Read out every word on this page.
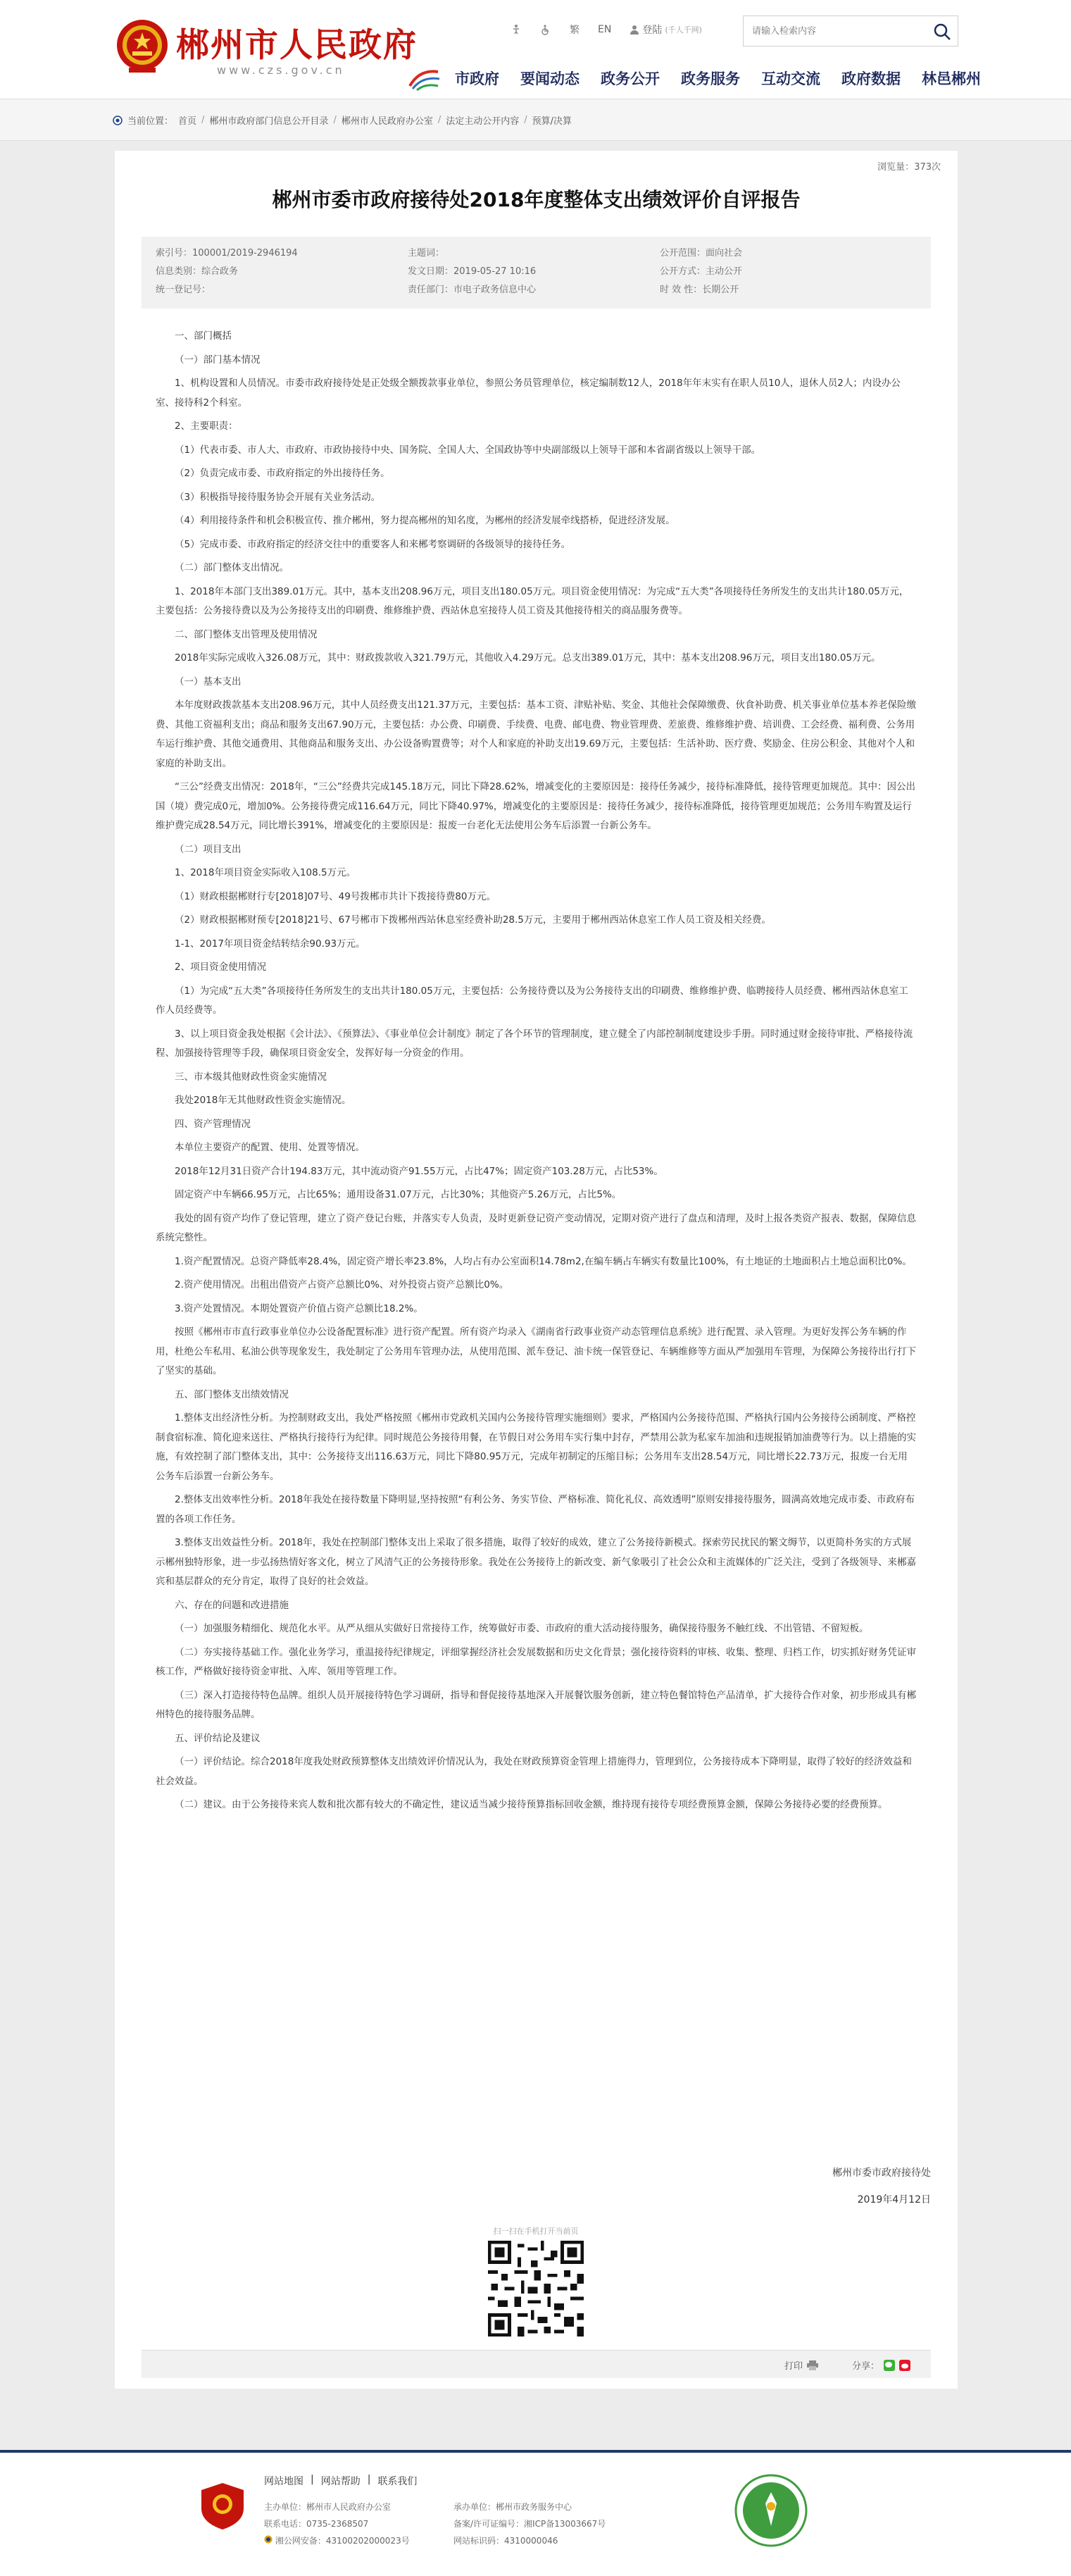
郴州市人民政府
www.czs.gov.cn
繁 EN	登陆 (千人千网)
请输入检索内容
市政府 要闻动态 政务公开 政务服务 互动交流 政府数据 林邑郴州
当前位置： 首页 / 郴州市政府部门信息公开目录 / 郴州市人民政府办公室 / 法定主动公开内容 / 预算/决算
浏览量：373次
郴州市委市政府接待处2018年度整体支出绩效评价自评报告
索引号：100001/2019-2946194
信息类别：综合政务
统一登记号：
主题词：
发文日期：2019-05-27 10:16
责任部门：市电子政务信息中心
公开范围：面向社会
公开方式：主动公开
时 效 性：长期公开

一、部门概括

（一）部门基本情况

1、机构设置和人员情况。市委市政府接待处是正处级全额拨款事业单位，参照公务员管理单位，核定编制数12人，2018年年末实有在职人员10人，退休人员2人；内设办公室、接待科2个科室。

2、主要职责：

（1）代表市委、市人大、市政府、市政协接待中央、国务院、全国人大、全国政协等中央副部级以上领导干部和本省副省级以上领导干部。

（2）负责完成市委、市政府指定的外出接待任务。

（3）积极指导接待服务协会开展有关业务活动。

（4）利用接待条件和机会积极宣传、推介郴州，努力提高郴州的知名度，为郴州的经济发展牵线搭桥，促进经济发展。

（5）完成市委、市政府指定的经济交往中的重要客人和来郴考察调研的各级领导的接待任务。

（二）部门整体支出情况。

1、2018年本部门支出389.01万元。其中，基本支出208.96万元，项目支出180.05万元。项目资金使用情况：为完成“五大类”各项接待任务所发生的支出共计180.05万元，主要包括：公务接待费以及为公务接待支出的印刷费、维修维护费、西站休息室接待人员工资及其他接待相关的商品服务费等。

二、部门整体支出管理及使用情况

2018年实际完成收入326.08万元，其中：财政拨款收入321.79万元，其他收入4.29万元。总支出389.01万元，其中：基本支出208.96万元，项目支出180.05万元。

（一）基本支出

本年度财政拨款基本支出208.96万元，其中人员经费支出121.37万元，主要包括：基本工资、津贴补贴、奖金、其他社会保障缴费、伙食补助费、机关事业单位基本养老保险缴费、其他工资福利支出；商品和服务支出67.90万元，主要包括：办公费、印刷费、手续费、电费、邮电费、物业管理费、差旅费、维修维护费、培训费、工会经费、福利费、公务用车运行维护费、其他交通费用、其他商品和服务支出、办公设备购置费等；对个人和家庭的补助支出19.69万元，主要包括：生活补助、医疗费、奖励金、住房公积金、其他对个人和家庭的补助支出。

“三公”经费支出情况：2018年，“三公”经费共完成145.18万元，同比下降28.62%，增减变化的主要原因是：接待任务减少，接待标准降低，接待管理更加规范。其中：因公出国（境）费完成0元，增加0%。公务接待费完成116.64万元，同比下降40.97%，增减变化的主要原因是：接待任务减少，接待标准降低，接待管理更加规范；公务用车购置及运行维护费完成28.54万元，同比增长391%，增减变化的主要原因是：报废一台老化无法使用公务车后添置一台新公务车。

（二）项目支出

1、2018年项目资金实际收入108.5万元。

（1）财政根据郴财行专[2018]07号、49号拨郴市共计下拨接待费80万元。

（2）财政根据郴财预专[2018]21号、67号郴市下拨郴州西站休息室经费补助28.5万元，主要用于郴州西站休息室工作人员工资及相关经费。

1-1、2017年项目资金结转结余90.93万元。

2、项目资金使用情况

（1）为完成“五大类”各项接待任务所发生的支出共计180.05万元，主要包括：公务接待费以及为公务接待支出的印刷费、维修维护费、临聘接待人员经费、郴州西站休息室工作人员经费等。

3、以上项目资金我处根据《会计法》、《预算法》、《事业单位会计制度》制定了各个环节的管理制度，建立健全了内部控制制度建设步手册。同时通过财金接待审批、严格接待流程、加强接待管理等手段，确保项目资金安全，发挥好每一分资金的作用。

三、市本级其他财政性资金实施情况

我处2018年无其他财政性资金实施情况。

四、资产管理情况

本单位主要资产的配置、使用、处置等情况。

2018年12月31日资产合计194.83万元，其中流动资产91.55万元，占比47%；固定资产103.28万元，占比53%。

固定资产中车辆66.95万元，占比65%；通用设备31.07万元，占比30%；其他资产5.26万元，占比5%。

我处的固有资产均作了登记管理，建立了资产登记台账，并落实专人负责，及时更新登记资产变动情况，定期对资产进行了盘点和清理，及时上报各类资产报表、数据，保障信息系统完整性。

1.资产配置情况。总资产降低率28.4%，固定资产增长率23.8%，人均占有办公室面积14.78m2,在编车辆占车辆实有数量比100%，有土地证的土地面积占土地总面积比0%。

2.资产使用情况。出租出借资产占资产总额比0%、对外投资占资产总额比0%。

3.资产处置情况。本期处置资产价值占资产总额比18.2%。

按照《郴州市市直行政事业单位办公设备配置标准》进行资产配置。所有资产均录入《湖南省行政事业资产动态管理信息系统》进行配置、录入管理。为更好发挥公务车辆的作用，杜绝公车私用、私油公供等现象发生，我处制定了公务用车管理办法，从使用范围、派车登记、油卡统一保管登记、车辆维修等方面从严加强用车管理，为保障公务接待出行打下了坚实的基础。

五、部门整体支出绩效情况

1.整体支出经济性分析。为控制财政支出，我处严格按照《郴州市党政机关国内公务接待管理实施细则》要求，严格国内公务接待范围、严格执行国内公务接待公函制度、严格控制食宿标准、简化迎来送往、严格执行接待行为纪律。同时规范公务接待用餐，在节假日对公务用车实行集中封存，严禁用公款为私家车加油和违规报销加油费等行为。以上措施的实施，有效控制了部门整体支出，其中：公务接待支出116.63万元，同比下降80.95万元，完成年初制定的压缩目标；公务用车支出28.54万元，同比增长22.73万元，报废一台无用公务车后添置一台新公务车。

2.整体支出效率性分析。2018年我处在接待数量下降明显,坚持按照“有利公务、务实节俭、严格标准、简化礼仪、高效透明”原则安排接待服务，圆满高效地完成市委、市政府布置的各项工作任务。

3.整体支出效益性分析。2018年，我处在控制部门整体支出上采取了很多措施，取得了较好的成效，建立了公务接待新模式。探索劳民扰民的繁文缛节，以更简朴务实的方式展示郴州独特形象，进一步弘扬热情好客文化，树立了风清气正的公务接待形象。我处在公务接待上的新改变、新气象吸引了社会公众和主流媒体的广泛关注，受到了各级领导、来郴嘉宾和基层群众的充分肯定，取得了良好的社会效益。

六、存在的问题和改进措施

（一）加强服务精细化、规范化水平。从严从细从实做好日常接待工作，统筹做好市委、市政府的重大活动接待服务，确保接待服务不触红线、不出管错、不留短板。

（二）夯实接待基础工作。强化业务学习，重温接待纪律规定，评细掌握经济社会发展数据和历史文化背景；强化接待资料的审核、收集、整理、归档工作，切实抓好财务凭证审核工作，严格做好接待资金审批、入库、领用等管理工作。

（三）深入打造接待特色品牌。组织人员开展接待特色学习调研，指导和督促接待基地深入开展餐饮服务创新，建立特色餐馆特色产品清单，扩大接待合作对象，初步形成具有郴州特色的接待服务品牌。

五、评价结论及建议

（一）评价结论。综合2018年度我处财政预算整体支出绩效评价情况认为，我处在财政预算资金管理上措施得力，管理到位，公务接待成本下降明显，取得了较好的经济效益和社会效益。

（二）建议。由于公务接待来宾人数和批次都有较大的不确定性，建议适当减少接待预算指标回收金额，维持现有接待专项经费预算金额，保障公务接待必要的经费预算。

郴州市委市政府接待处
2019年4月12日
扫一扫在手机打开当前页
打印	分享：
网站地图 | 网站帮助 | 联系我们
主办单位：郴州市人民政府办公室
联系电话：0735-2368507
湘公网安备：43100202000023号
承办单位：郴州市政务服务中心
备案/许可证编号：湘ICP备13003667号
网站标识码：4310000046
